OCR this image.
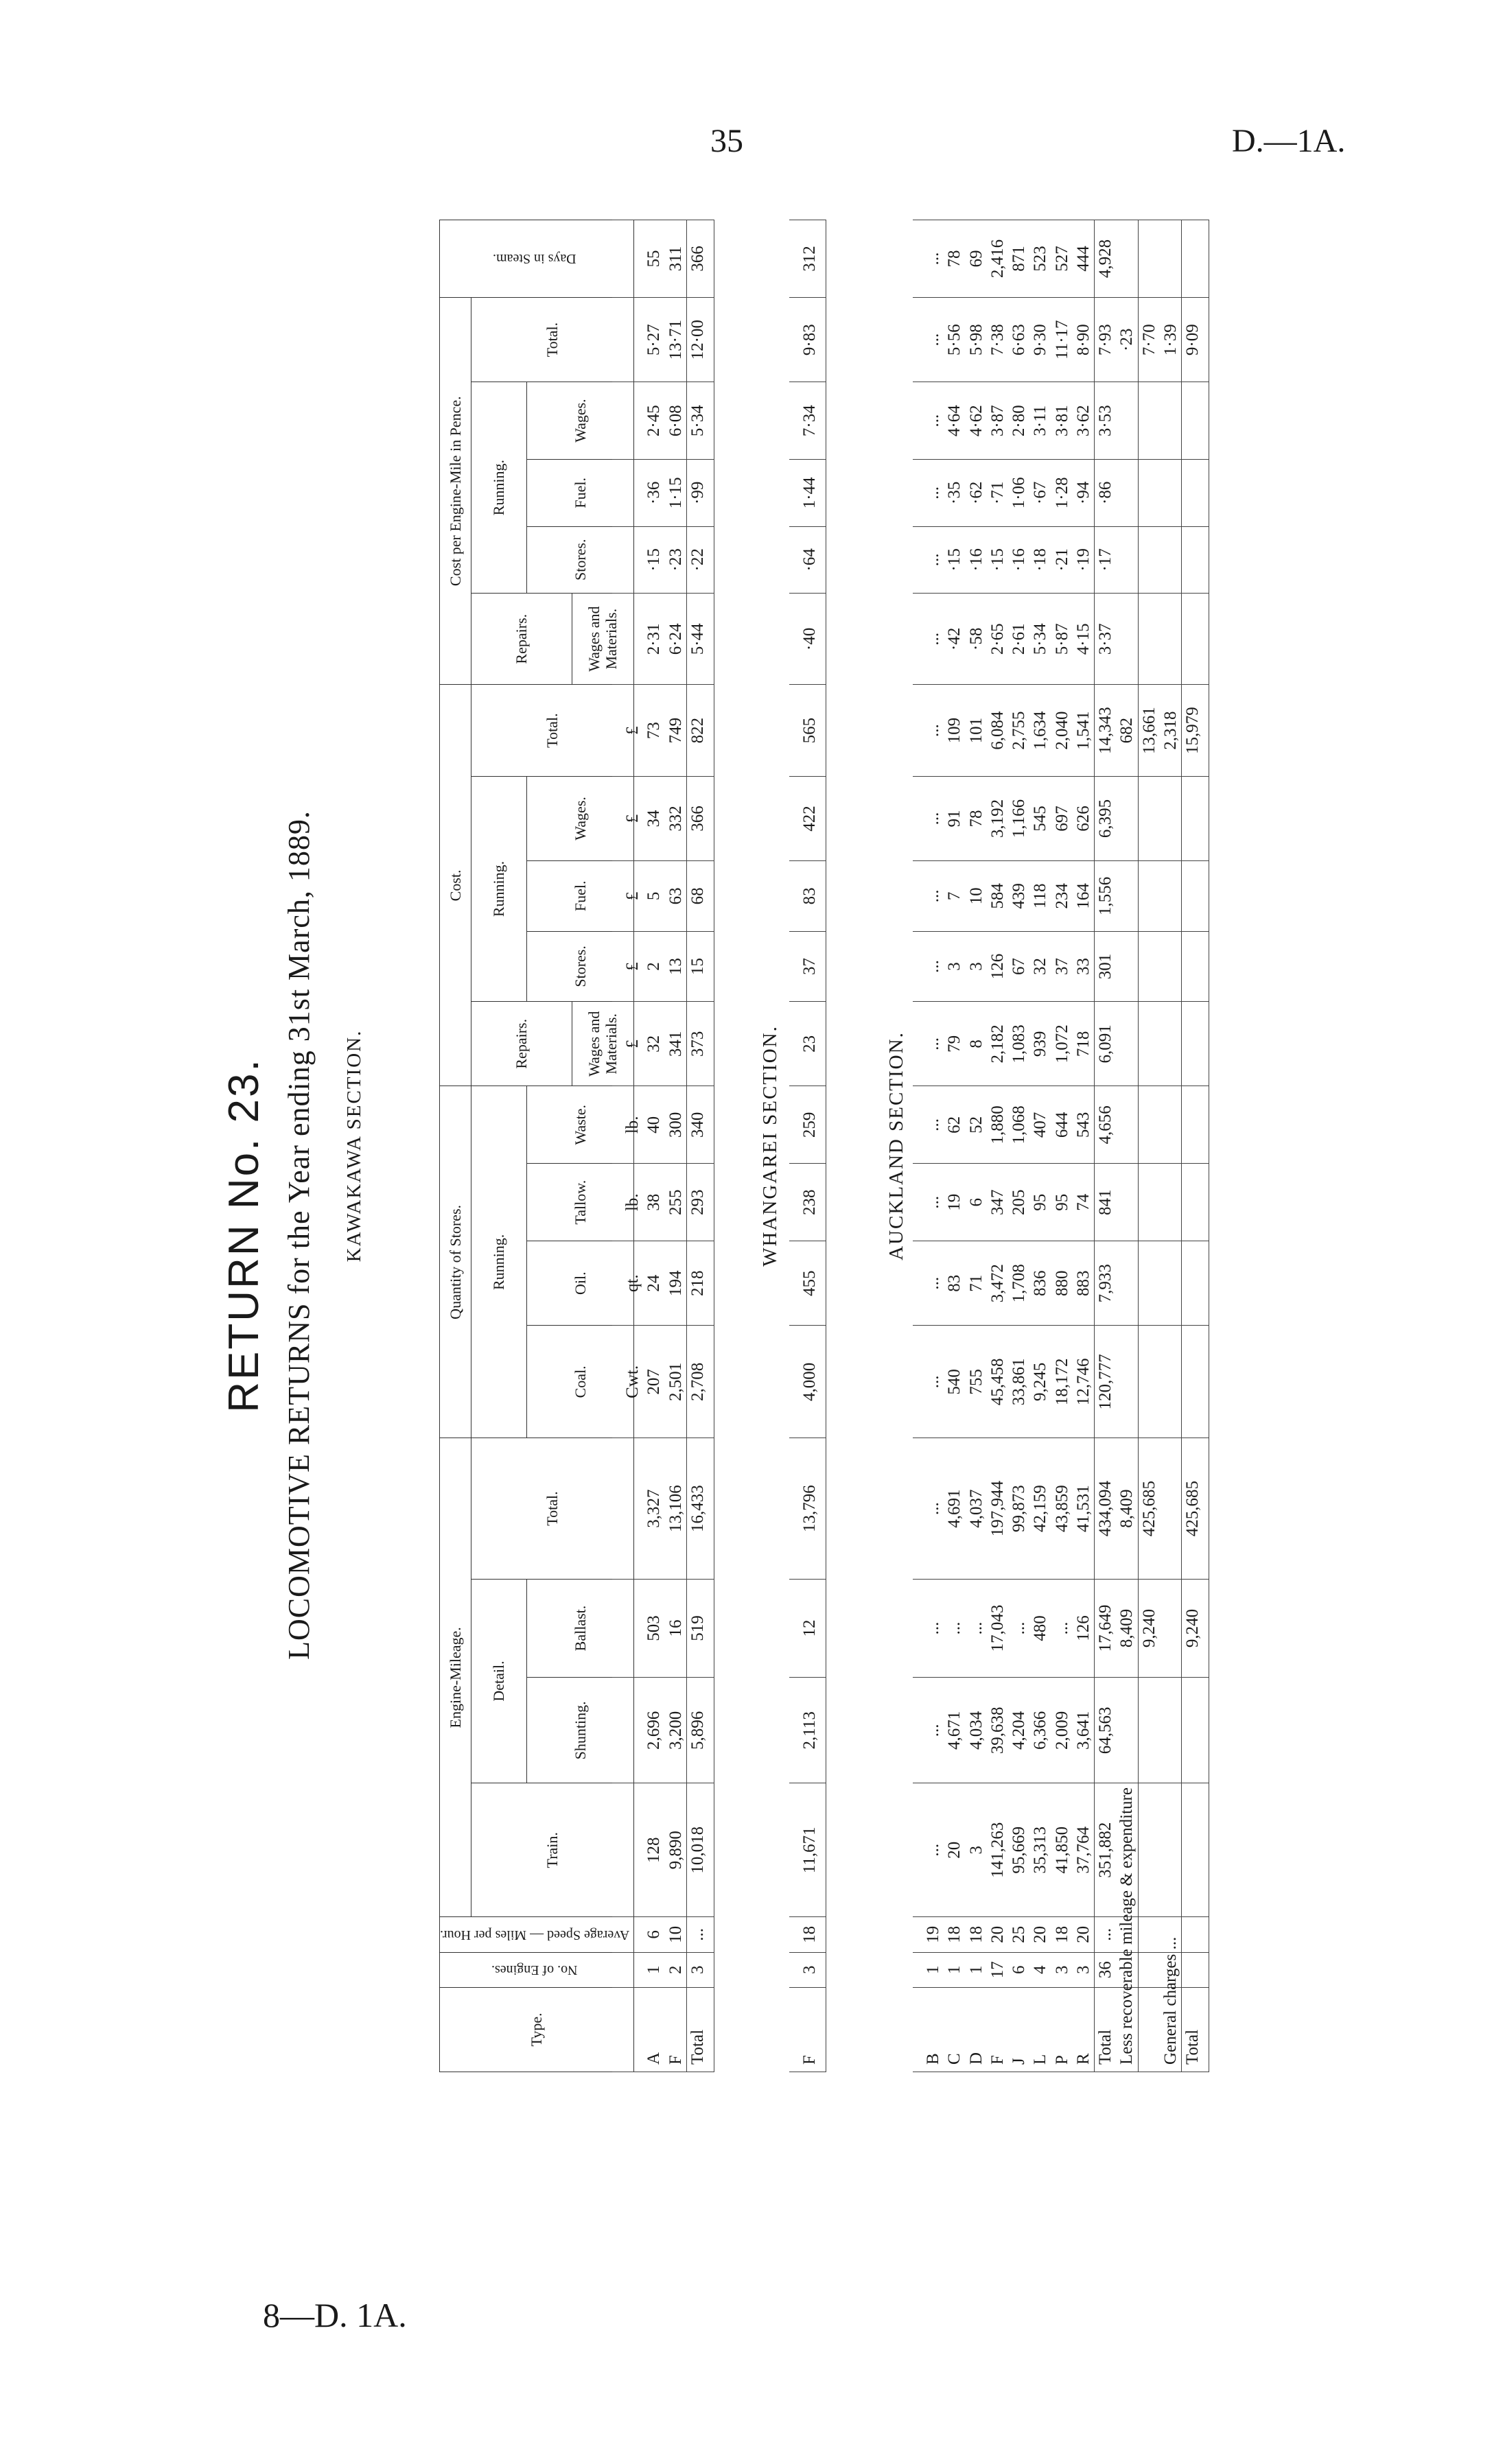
35	D.—1A.
8—D. 1A.
RETURN No. 23. LOCOMOTIVE RETURNS for the Year ending 31st March, 1889.
Type.	No. of Engines.	Average Speed — Miles per Hour.	Engine-Mileage.				Quantity of Stores.				Cost.					Cost per Engine-Mile in Pence.					Days in Steam.
			Train.	Detail.		Total.	Running.				Repairs.	Running.			Total.	Repairs.	Running.			Total.	
				Shunting.	Ballast.		Coal.	Oil.	Tallow.	Waste.		Stores.	Fuel.	Wages.			Stores.	Fuel.	Wages.		
											Wages and Materials.					Wages and Materials.					
							Cwt.	qt.	lb.	lb.	£	£	£	£	£						
A	1	6	128	2,696	503	3,327	207	24	38	40	32	2	5	34	73	2·31	·15	·36	2·45	5·27	55
F	2	10	9,890	3,200	16	13,106	2,501	194	255	300	341	13	63	332	749	6·24	·23	1·15	6·08	13·71	311
Total	3	...	10,018	5,896	519	16,433	2,708	218	293	340	373	15	68	366	822	5·44	·22	·99	5·34	12·00	366
KAWAKAWA SECTION.	WHANGAREI SECTION.
F	3	18	11,671	2,113	12	13,796	4,000	455	238	259	23	37	83	422	565	·40	·64	1·44	7·34	9·83	312
AUCKLAND SECTION.
B	1	19	...	...	...	...	...	...	...	...	...	...	...	...	...	...	...	...	...	...	...
C	1	18	20	4,671	...	4,691	540	83	19	62	79	3	7	91	109	·42	·15	·35	4·64	5·56	78
D	1	18	3	4,034	...	4,037	755	71	6	52	8	3	10	78	101	·58	·16	·62	4·62	5·98	69
F	17	20	141,263	39,638	17,043	197,944	45,458	3,472	347	1,880	2,182	126	584	3,192	6,084	2·65	·15	·71	3·87	7·38	2,416
J	6	25	95,669	4,204	...	99,873	33,861	1,708	205	1,068	1,083	67	439	1,166	2,755	2·61	·16	1·06	2·80	6·63	871
L	4	20	35,313	6,366	480	42,159	9,245	836	95	407	939	32	118	545	1,634	5·34	·18	·67	3·11	9·30	523
P	3	18	41,850	2,009	...	43,859	18,172	880	95	644	1,072	37	234	697	2,040	5·87	·21	1·28	3·81	11·17	527
R	3	20	37,764	3,641	126	41,531	12,746	883	74	543	718	33	164	626	1,541	4·15	·19	·94	3·62	8·90	444
Total	36	...	351,882	64,563	17,649	434,094	120,777	7,933	841	4,656	6,091	301	1,556	6,395	14,343	3·37	·17	·86	3·53	7·93	4,928
Less recoverable mileage & expenditure					8,409	8,409									682					·23	
					9,240	425,685									13,661					7·70	
General charges ...															2,318					1·39	
Total					9,240	425,685									15,979					9·09	
